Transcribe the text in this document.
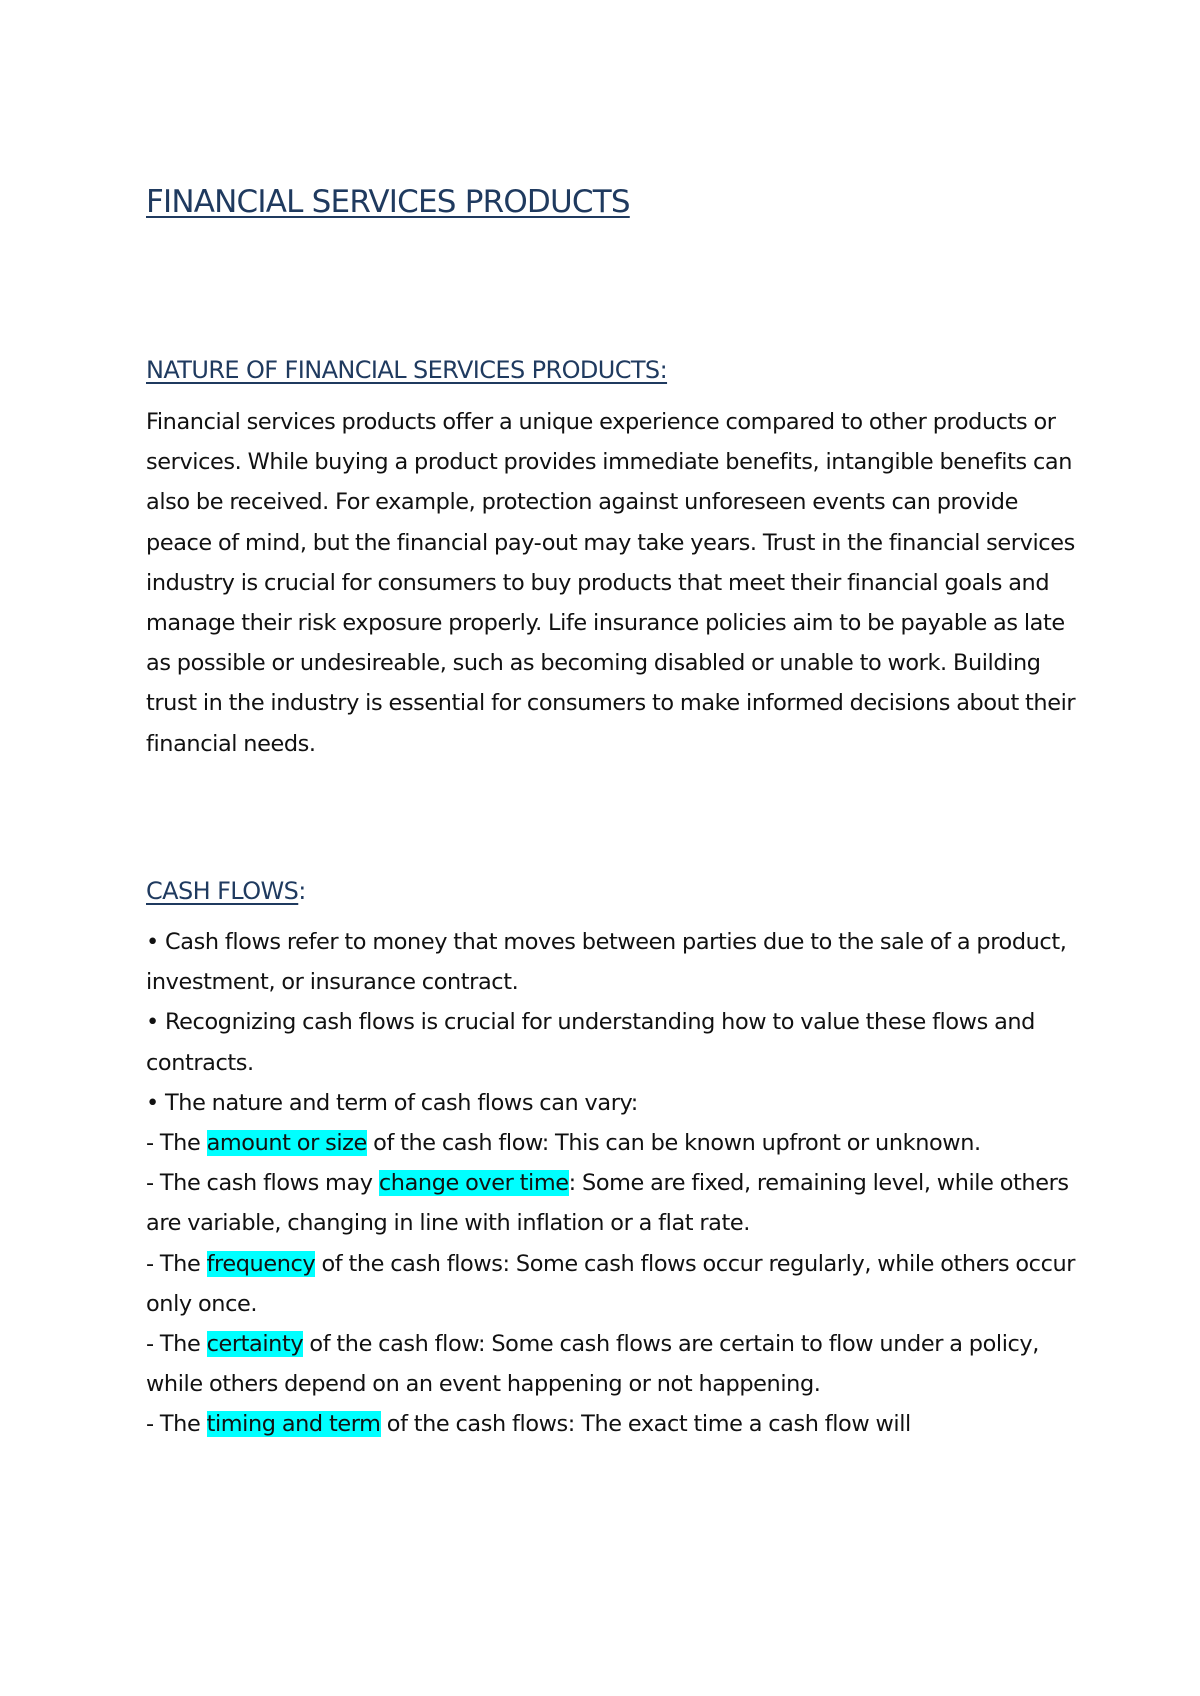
FINANCIAL SERVICES PRODUCTS
NATURE OF FINANCIAL SERVICES PRODUCTS:

Financial services products offer a unique experience compared to other products or services. While buying a product provides immediate benefits, intangible benefits can also be received. For example, protection against unforeseen events can provide peace of mind, but the financial pay-out may take years. Trust in the financial services industry is crucial for consumers to buy products that meet their financial goals and manage their risk exposure properly. Life insurance policies aim to be payable as late as possible or undesireable, such as becoming disabled or unable to work. Building trust in the industry is essential for consumers to make informed decisions about their financial needs.

CASH FLOWS:
• Cash flows refer to money that moves between parties due to the sale of a product, investment, or insurance contract.
• Recognizing cash flows is crucial for understanding how to value these flows and contracts.
• The nature and term of cash flows can vary:
- The amount or size of the cash flow: This can be known upfront or unknown.
- The cash flows may change over time: Some are fixed, remaining level, while others are variable, changing in line with inflation or a flat rate.
- The frequency of the cash flows: Some cash flows occur regularly, while others occur only once.
- The certainty of the cash flow: Some cash flows are certain to flow under a policy, while others depend on an event happening or not happening.
- The timing and term of the cash flows: The exact time a cash flow will
